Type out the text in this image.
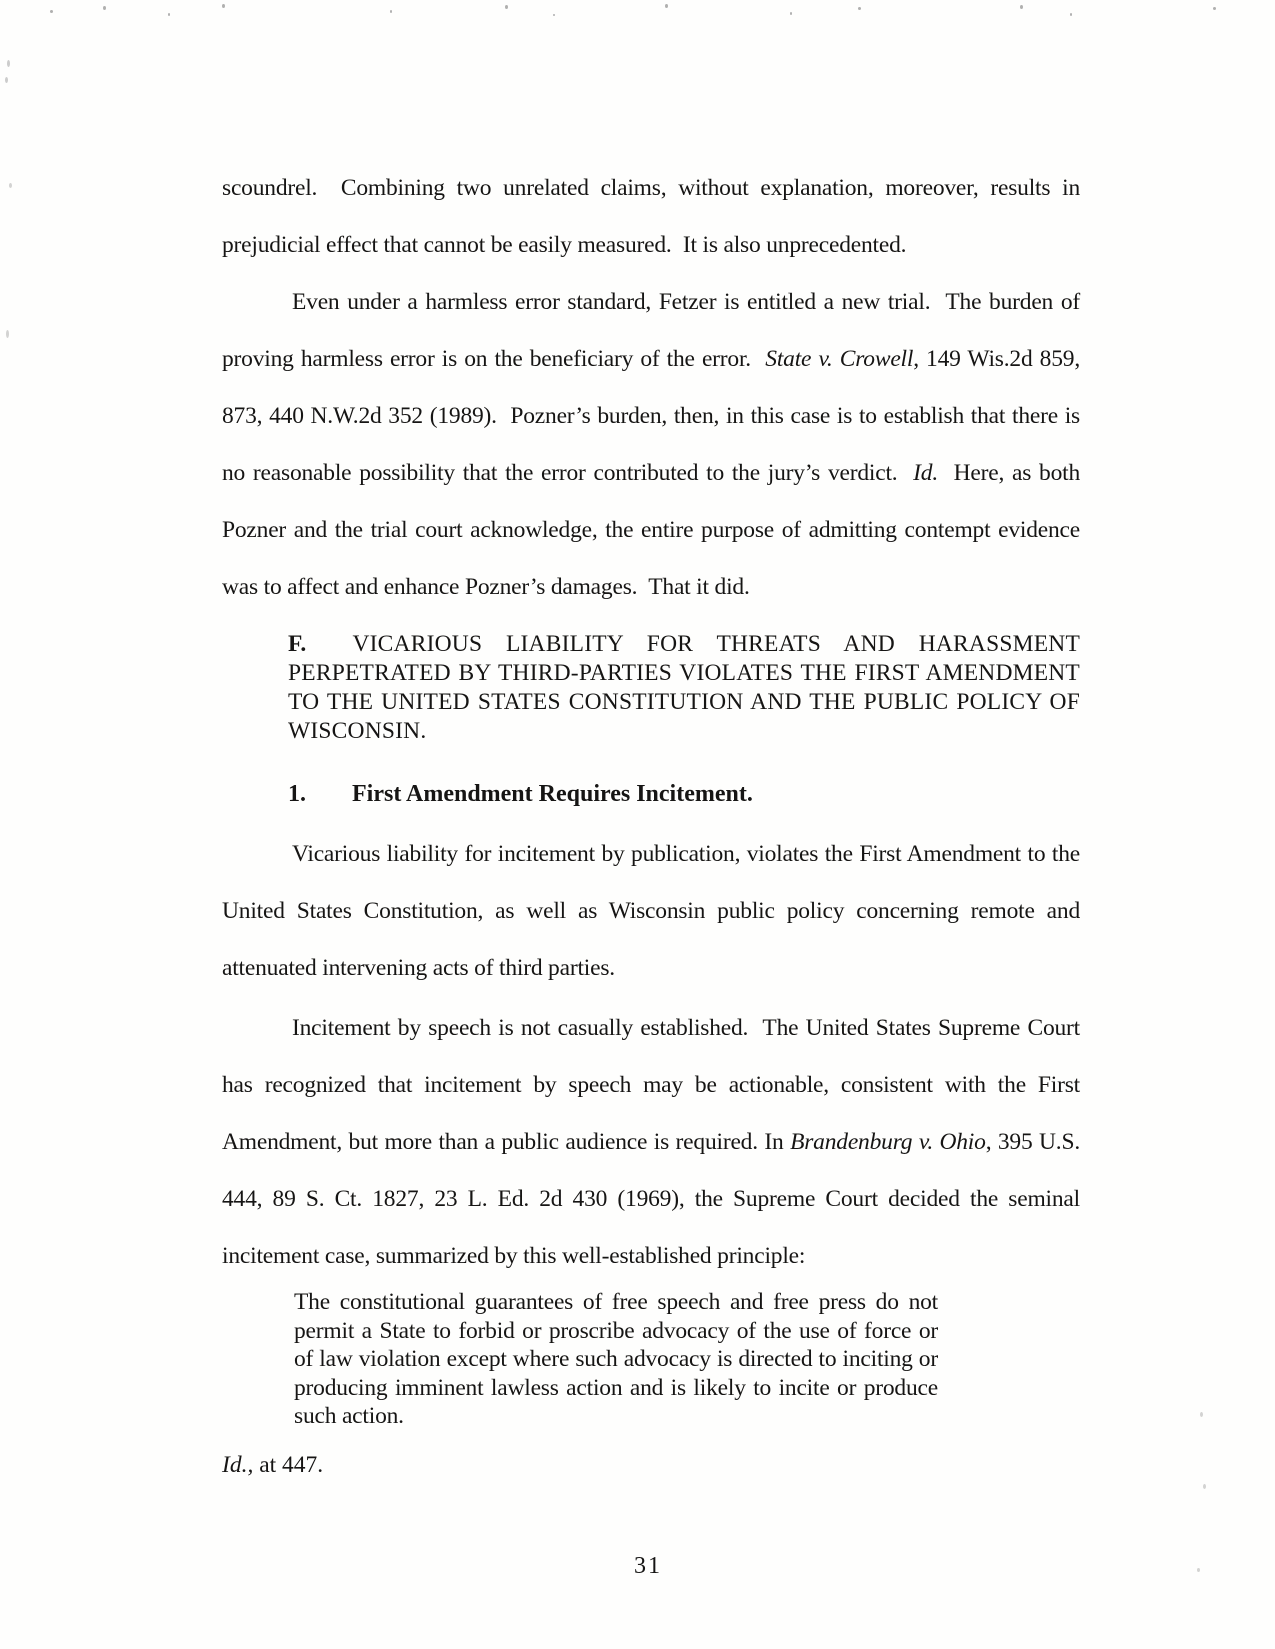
scoundrel.  Combining two unrelated claims, without explanation, moreover, results in prejudicial effect that cannot be easily measured.  It is also unprecedented.

Even under a harmless error standard, Fetzer is entitled a new trial.  The burden of proving harmless error is on the beneficiary of the error.  State v. Crowell, 149 Wis.2d 859, 873, 440 N.W.2d 352 (1989).  Pozner’s burden, then, in this case is to establish that there is no reasonable possibility that the error contributed to the jury’s verdict.  Id.  Here, as both Pozner and the trial court acknowledge, the entire purpose of admitting contempt evidence was to affect and enhance Pozner’s damages.  That it did.

F. VICARIOUS LIABILITY FOR THREATS AND HARASSMENT PERPETRATED BY THIRD-PARTIES VIOLATES THE FIRST AMENDMENT TO THE UNITED STATES CONSTITUTION AND THE PUBLIC POLICY OF WISCONSIN.
1. First Amendment Requires Incitement.

Vicarious liability for incitement by publication, violates the First Amendment to the United States Constitution, as well as Wisconsin public policy concerning remote and attenuated intervening acts of third parties.

Incitement by speech is not casually established.  The United States Supreme Court has recognized that incitement by speech may be actionable, consistent with the First Amendment, but more than a public audience is required. In Brandenburg v. Ohio, 395 U.S. 444, 89 S. Ct. 1827, 23 L. Ed. 2d 430 (1969), the Supreme Court decided the seminal incitement case, summarized by this well-established principle:

The constitutional guarantees of free speech and free press do not permit a State to forbid or proscribe advocacy of the use of force or of law violation except where such advocacy is directed to inciting or producing imminent lawless action and is likely to incite or produce such action.

Id., at 447.

31
